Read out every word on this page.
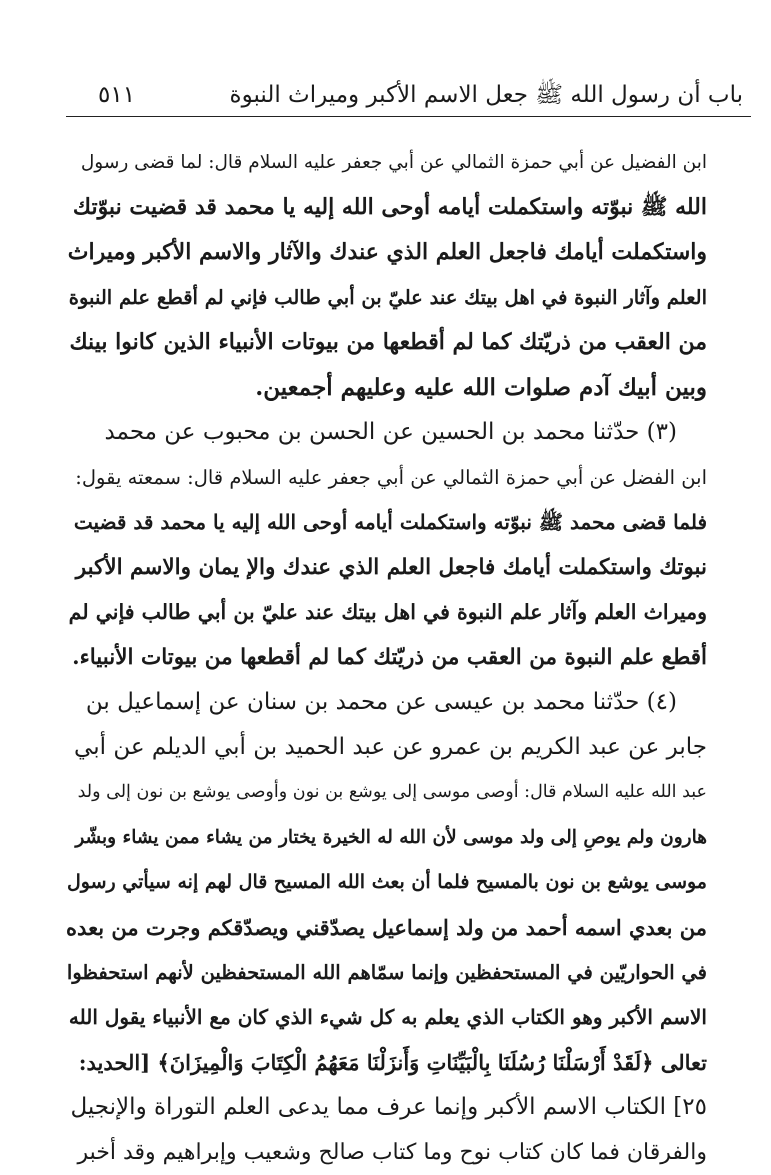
باب أن رسول الله ﷺ جعل الاسم الأكبر وميراث النبوة
٥١١
ابن الفضيل عن أبي حمزة الثمالي عن أبي جعفر عليه السلام قال: لما قضى رسول
الله ﷺ نبوّته واستكملت أيامه أوحى الله إليه يا محمد قد قضيت نبوّتك
واستكملت أيامك فاجعل العلم الذي عندك والآثار والاسم الأكبر وميراث
العلم وآثار النبوة في اهل بيتك عند عليّ بن أبي طالب فإني لم أقطع علم النبوة
من العقب من ذريّتك كما لم أقطعها من بيوتات الأنبياء الذين كانوا بينك
وبين أبيك آدم صلوات الله عليه وعليهم أجمعين.
(٣) حدّثنا محمد بن الحسين عن الحسن بن محبوب عن محمد
ابن الفضل عن أبي حمزة الثمالي عن أبي جعفر عليه السلام قال: سمعته يقول:
فلما قضى محمد ﷺ نبوّته واستكملت أيامه أوحى الله إليه يا محمد قد قضيت
نبوتك واستكملت أيامك فاجعل العلم الذي عندك والإ يمان والاسم الأكبر
وميراث العلم وآثار علم النبوة في اهل بيتك عند عليّ بن أبي طالب فإني لم
أقطع علم النبوة من العقب من ذريّتك كما لم أقطعها من بيوتات الأنبياء.
(٤) حدّثنا محمد بن عيسى عن محمد بن سنان عن إسماعيل بن
جابر عن عبد الكريم بن عمرو عن عبد الحميد بن أبي الديلم عن أبي
عبد الله عليه السلام قال: أوصى موسى إلى يوشع بن نون وأوصى يوشع بن نون إلى ولد
هارون ولم يوصِ إلى ولد موسى لأن الله له الخيرة يختار من يشاء ممن يشاء وبشّر
موسى يوشع بن نون بالمسيح فلما أن بعث الله المسيح قال لهم إنه سيأتي رسول
من بعدي اسمه أحمد من ولد إسماعيل يصدّقني ويصدّقكم وجرت من بعده
في الحواريّين في المستحفظين وإنما سمّاهم الله المستحفظين لأنهم استحفظوا
الاسم الأكبر وهو الكتاب الذي يعلم به كل شيء الذي كان مع الأنبياء يقول الله
تعالى ﴿لَقَدْ أَرْسَلْنَا رُسُلَنَا بِالْبَيِّنَاتِ وَأَنزَلْنَا مَعَهُمُ الْكِتَابَ وَالْمِيزَانَ﴾ [الحديد:
٢٥] الكتاب الاسم الأكبر وإنما عرف مما يدعى العلم التوراة والإنجيل
والفرقان فما كان كتاب نوح وما كتاب صالح وشعيب وإبراهيم وقد أخبر
